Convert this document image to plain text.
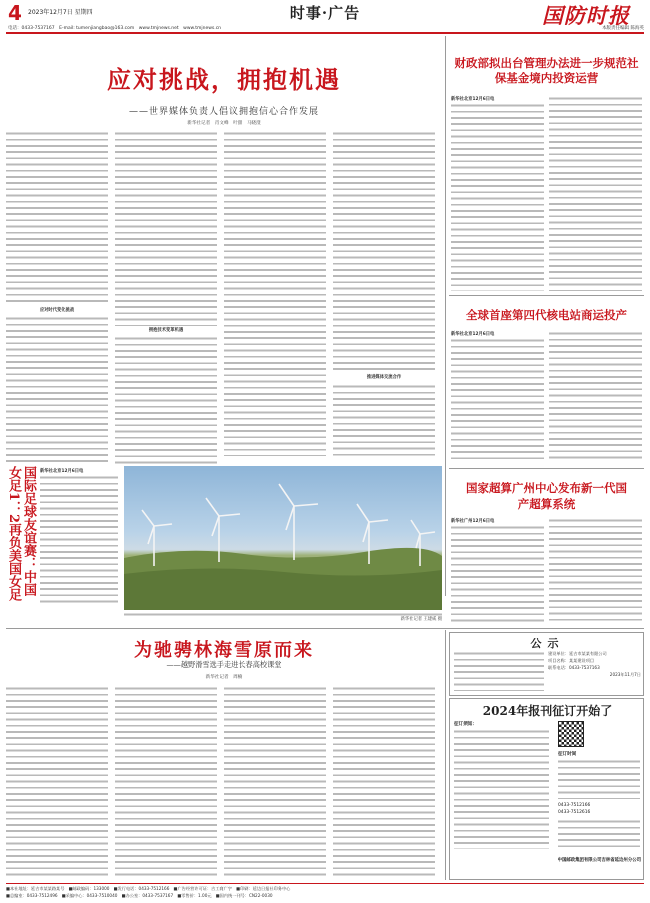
4 2023年12月7日 星期四	时事·广告	国防时报
电话：0433-7537167　E-mail: tumenjiangbao@163.com　www.tmjnews.net　www.tmjnews.cn	本版责任编辑 陈海英
应对挑战，拥抱机遇
——世界媒体负责人倡议拥抱信心合作发展
新华社记者　肖文峰　叶甜　马晓澄
应对时代变化挑战
拥抱技术变革机遇
推进媒体交流合作
国际足球友谊赛：中国女足1：2再负美国女足	新华社北京12月6日电
新华社记者 王建威 摄
财政部拟出台管理办法进一步规范社保基金境内投资运营
新华社北京12月6日电
全球首座第四代核电站商运投产
新华社北京12月6日电
国家超算广州中心发布新一代国产超算系统
新华社广州12月6日电
为驰骋林海雪原而来
——越野滑雪选手走进长春高校课堂
新华社记者　周楠
公示
建设单位：延吉市某某有限公司
项目名称：某某建设项目
联系电话：0433-7537163
2023年11月7日
2024年报刊征订开始了
征订须知：
征订时间
0433-7512166
0433-7512616
中国邮政集团有限公司吉林省延边州分公司
■本社地址：延吉市某某路某号　■邮政编码：133000　■发行电话：0433-7512166　■广告经营许可证：吉工商广字　■印刷：延边日报社印务中心
■总编室：0433-7512496　■采编中心：0433-7510040　■办公室：0433-7537167　■零售价：1.00元　■国内统一刊号：CN22-0030
